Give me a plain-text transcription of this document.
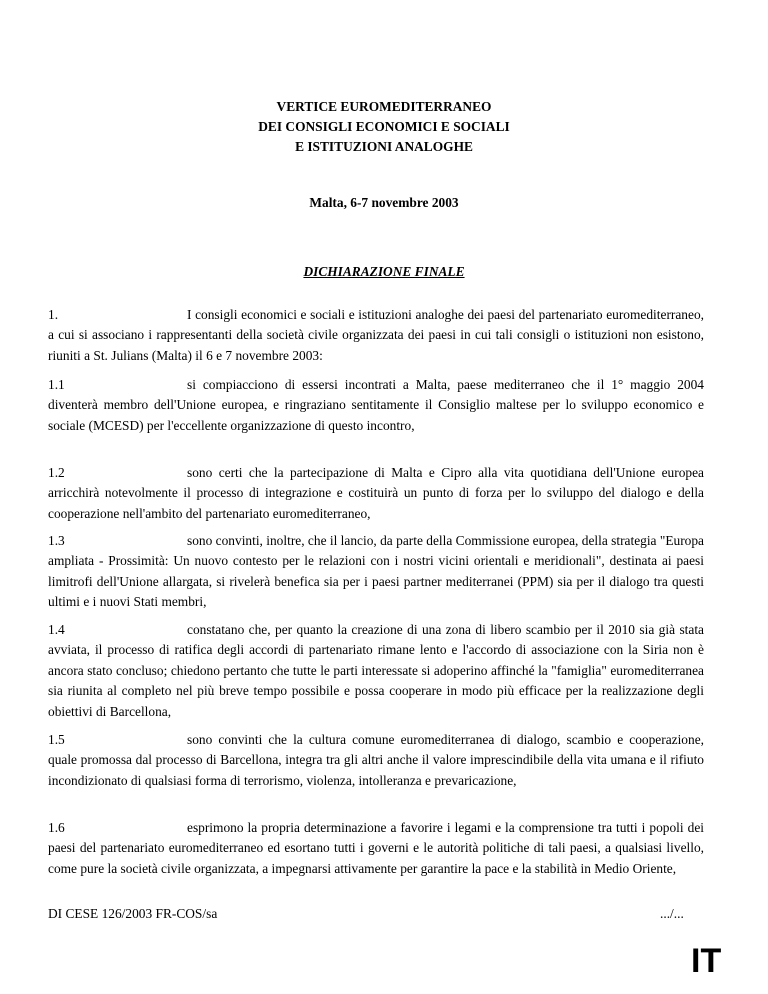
VERTICE EUROMEDITERRANEO
DEI CONSIGLI ECONOMICI E SOCIALI
E ISTITUZIONI ANALOGHE
Malta, 6-7 novembre 2003
DICHIARAZIONE FINALE
1.	I consigli economici e sociali e istituzioni analoghe dei paesi del partenariato euromediterraneo, a cui si associano i rappresentanti della società civile organizzata dei paesi in cui tali consigli o istituzioni non esistono, riuniti a St. Julians (Malta) il 6 e 7 novembre 2003:
1.1	si compiacciono di essersi incontrati a Malta, paese mediterraneo che il 1° maggio 2004 diventerà membro dell'Unione europea, e ringraziano sentitamente il Consiglio maltese per lo sviluppo economico e sociale (MCESD) per l'eccellente organizzazione di questo incontro,
1.2	sono certi che la partecipazione di Malta e Cipro alla vita quotidiana dell'Unione europea arricchirà notevolmente il processo di integrazione e costituirà un punto di forza per lo sviluppo del dialogo e della cooperazione nell'ambito del partenariato euromediterraneo,
1.3	sono convinti, inoltre, che il lancio, da parte della Commissione europea, della strategia "Europa ampliata - Prossimità: Un nuovo contesto per le relazioni con i nostri vicini orientali e meridionali", destinata ai paesi limitrofi dell'Unione allargata, si rivelerà benefica sia per i paesi partner mediterranei (PPM) sia per il dialogo tra questi ultimi e i nuovi Stati membri,
1.4	constatano che, per quanto la creazione di una zona di libero scambio per il 2010 sia già stata avviata, il processo di ratifica degli accordi di partenariato rimane lento e l'accordo di associazione con la Siria non è ancora stato concluso; chiedono pertanto che tutte le parti interessate si adoperino affinché la "famiglia" euromediterranea sia riunita al completo nel più breve tempo possibile e possa cooperare in modo più efficace per la realizzazione degli obiettivi di Barcellona,
1.5	sono convinti che la cultura comune euromediterranea di dialogo, scambio e cooperazione, quale promossa dal processo di Barcellona, integra tra gli altri anche il valore imprescindibile della vita umana e il rifiuto incondizionato di qualsiasi forma di terrorismo, violenza, intolleranza e prevaricazione,
1.6	esprimono la propria determinazione a favorire i legami e la comprensione tra tutti i popoli dei paesi del partenariato euromediterraneo ed esortano tutti i governi e le autorità politiche di tali paesi, a qualsiasi livello, come pure la società civile organizzata, a impegnarsi attivamente per garantire la pace e la stabilità in Medio Oriente,
DI CESE 126/2003 FR-COS/sa	.../...
IT
